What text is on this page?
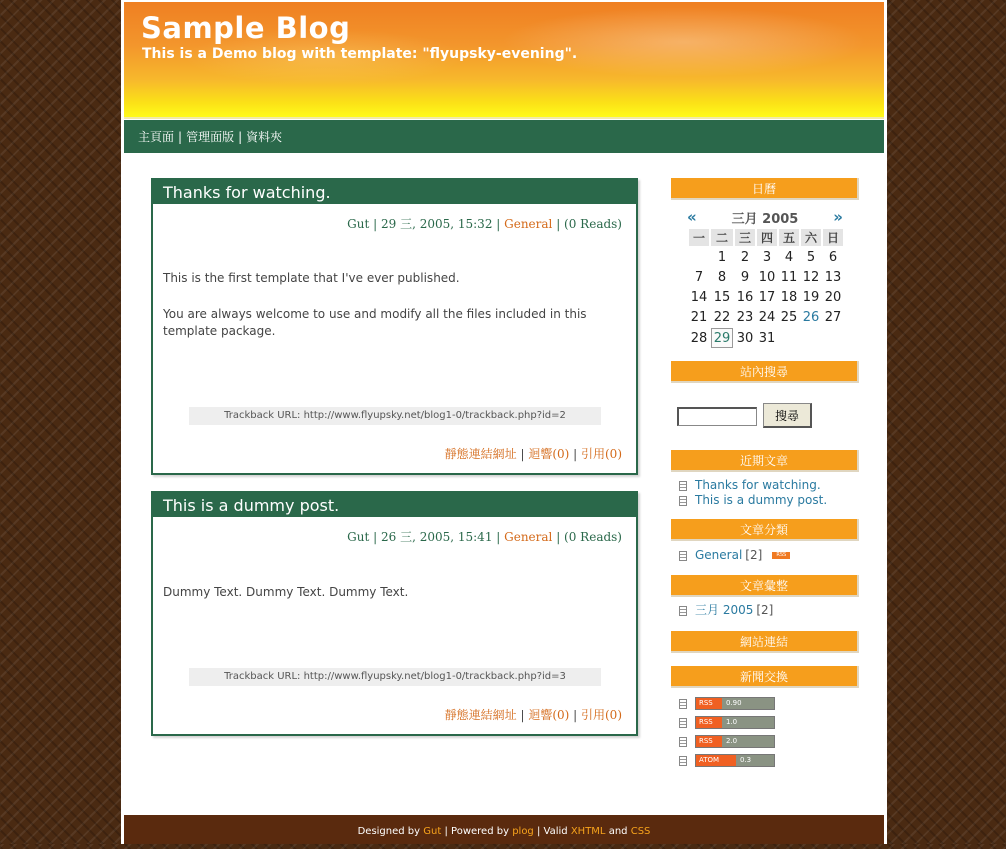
Sample Blog

This is a Demo blog with template: "flyupsky-evening".

主頁面 | 管理面版 | 資料夾
Thanks for watching.
Gut | 29 三, 2005, 15:32 | General | (0 Reads)

This is the first template that I've ever published.

You are always welcome to use and modify all the files included in this template package.

Trackback URL: http://www.flyupsky.net/blog1-0/trackback.php?id=2
靜態連結網址 | 迴響(0) | 引用(0)
This is a dummy post.
Gut | 26 三, 2005, 15:41 | General | (0 Reads)

Dummy Text. Dummy Text. Dummy Text.

Trackback URL: http://www.flyupsky.net/blog1-0/trackback.php?id=3
靜態連結網址 | 迴響(0) | 引用(0)
日曆
«	三月 2005 »
一	二	三	四	五	六	日
	1	2	3	4	5	6
7	8	9	10	11	12	13
14	15	16	17	18	19	20
21	22	23	24	25	26	27
28	29	30	31			
站內搜尋
搜尋
近期文章
Thanks for watching.
This is a dummy post.
文章分類
General [2]	RSS
文章彙整
三月 2005 [2]
網站連結
新聞交換
RSS	0.90
RSS	1.0
RSS	2.0
ATOM	0.3
Designed by Gut | Powered by plog | Valid XHTML and CSS
